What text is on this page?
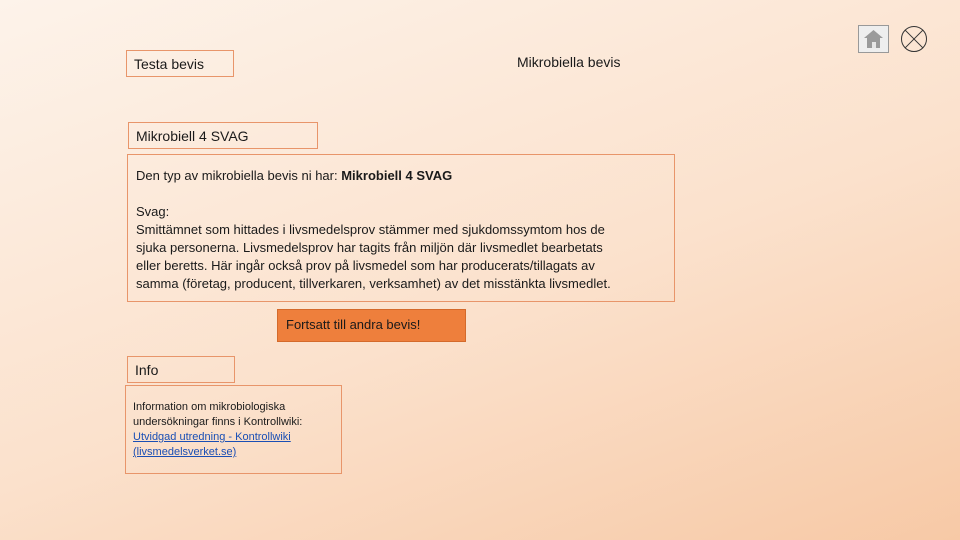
Testa bevis	Mikrobiella bevis
Mikrobiell 4 SVAG
Den typ av mikrobiella bevis ni har: Mikrobiell 4 SVAG
Svag:
Smittämnet som hittades i livsmedelsprov stämmer med sjukdomssymtom hos de
sjuka personerna. Livsmedelsprov har tagits från miljön där livsmedlet bearbetats
eller beretts. Här ingår också prov på livsmedel som har producerats/tillagats av
samma (företag, producent, tillverkaren, verksamhet) av det misstänkta livsmedlet.
Fortsatt till andra bevis!
Info
Information om mikrobiologiska undersökningar finns i Kontrollwiki: Utvidgad utredning - Kontrollwiki (livsmedelsverket.se)
